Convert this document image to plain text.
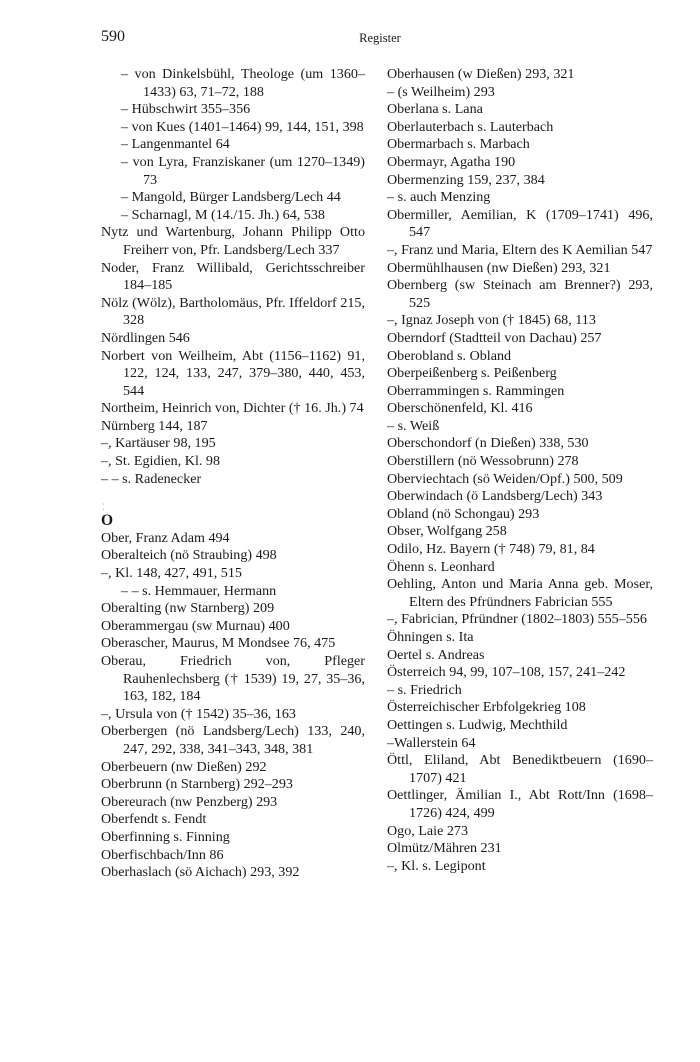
590	Register
– von Dinkelsbühl, Theologe (um 1360–1433) 63, 71–72, 188
– Hübschwirt 355–356
– von Kues (1401–1464) 99, 144, 151, 398
– Langenmantel 64
– von Lyra, Franziskaner (um 1270–1349) 73
– Mangold, Bürger Landsberg/Lech 44
– Scharnagl, M (14./15. Jh.) 64, 538
Nytz und Wartenburg, Johann Philipp Otto Freiherr von, Pfr. Landsberg/Lech 337
Noder, Franz Willibald, Gerichtsschreiber 184–185
Nölz (Wölz), Bartholomäus, Pfr. Iffeldorf 215, 328
Nördlingen 546
Norbert von Weilheim, Abt (1156–1162) 91, 122, 124, 133, 247, 379–380, 440, 453, 544
Northeim, Heinrich von, Dichter († 16. Jh.) 74
Nürnberg 144, 187
–, Kartäuser 98, 195
–, St. Egidien, Kl. 98
– – s. Radenecker
⁚
O
Ober, Franz Adam 494
Oberalteich (nö Straubing) 498
–, Kl. 148, 427, 491, 515
– – s. Hemmauer, Hermann
Oberalting (nw Starnberg) 209
Oberammergau (sw Murnau) 400
Oberascher, Maurus, M Mondsee 76, 475
Oberau, Friedrich von, Pfleger Rauhenlechsberg († 1539) 19, 27, 35–36, 163, 182, 184
–, Ursula von († 1542) 35–36, 163
Oberbergen (nö Landsberg/Lech) 133, 240, 247, 292, 338, 341–343, 348, 381
Oberbeuern (nw Dießen) 292
Oberbrunn (n Starnberg) 292–293
Obereurach (nw Penzberg) 293
Oberfendt s. Fendt
Oberfinning s. Finning
Oberfischbach/Inn 86
Oberhaslach (sö Aichach) 293, 392
Oberhausen (w Dießen) 293, 321
– (s Weilheim) 293
Oberlana s. Lana
Oberlauterbach s. Lauterbach
Obermarbach s. Marbach
Obermayr, Agatha 190
Obermenzing 159, 237, 384
– s. auch Menzing
Obermiller, Aemilian, K (1709–1741) 496, 547
–, Franz und Maria, Eltern des K Aemilian 547
Obermühlhausen (nw Dießen) 293, 321
Obernberg (sw Steinach am Brenner?) 293, 525
–, Ignaz Joseph von († 1845) 68, 113
Oberndorf (Stadtteil von Dachau) 257
Oberobland s. Obland
Oberpeißenberg s. Peißenberg
Oberrammingen s. Rammingen
Oberschönenfeld, Kl. 416
– s. Weiß
Oberschondorf (n Dießen) 338, 530
Oberstillern (nö Wessobrunn) 278
Oberviechtach (sö Weiden/Opf.) 500, 509
Oberwindach (ö Landsberg/Lech) 343
Obland (nö Schongau) 293
Obser, Wolfgang 258
Odilo, Hz. Bayern († 748) 79, 81, 84
Öhenn s. Leonhard
Oehling, Anton und Maria Anna geb. Moser, Eltern des Pfründners Fabrician 555
–, Fabrician, Pfründner (1802–1803) 555–556
Öhningen s. Ita
Oertel s. Andreas
Österreich 94, 99, 107–108, 157, 241–242
– s. Friedrich
Österreichischer Erbfolgekrieg 108
Oettingen s. Ludwig, Mechthild
–Wallerstein 64
Öttl, Eliland, Abt Benediktbeuern (1690–1707) 421
Oettlinger, Ämilian I., Abt Rott/Inn (1698–1726) 424, 499
Ogo, Laie 273
Olmütz/Mähren 231
–, Kl. s. Legipont
